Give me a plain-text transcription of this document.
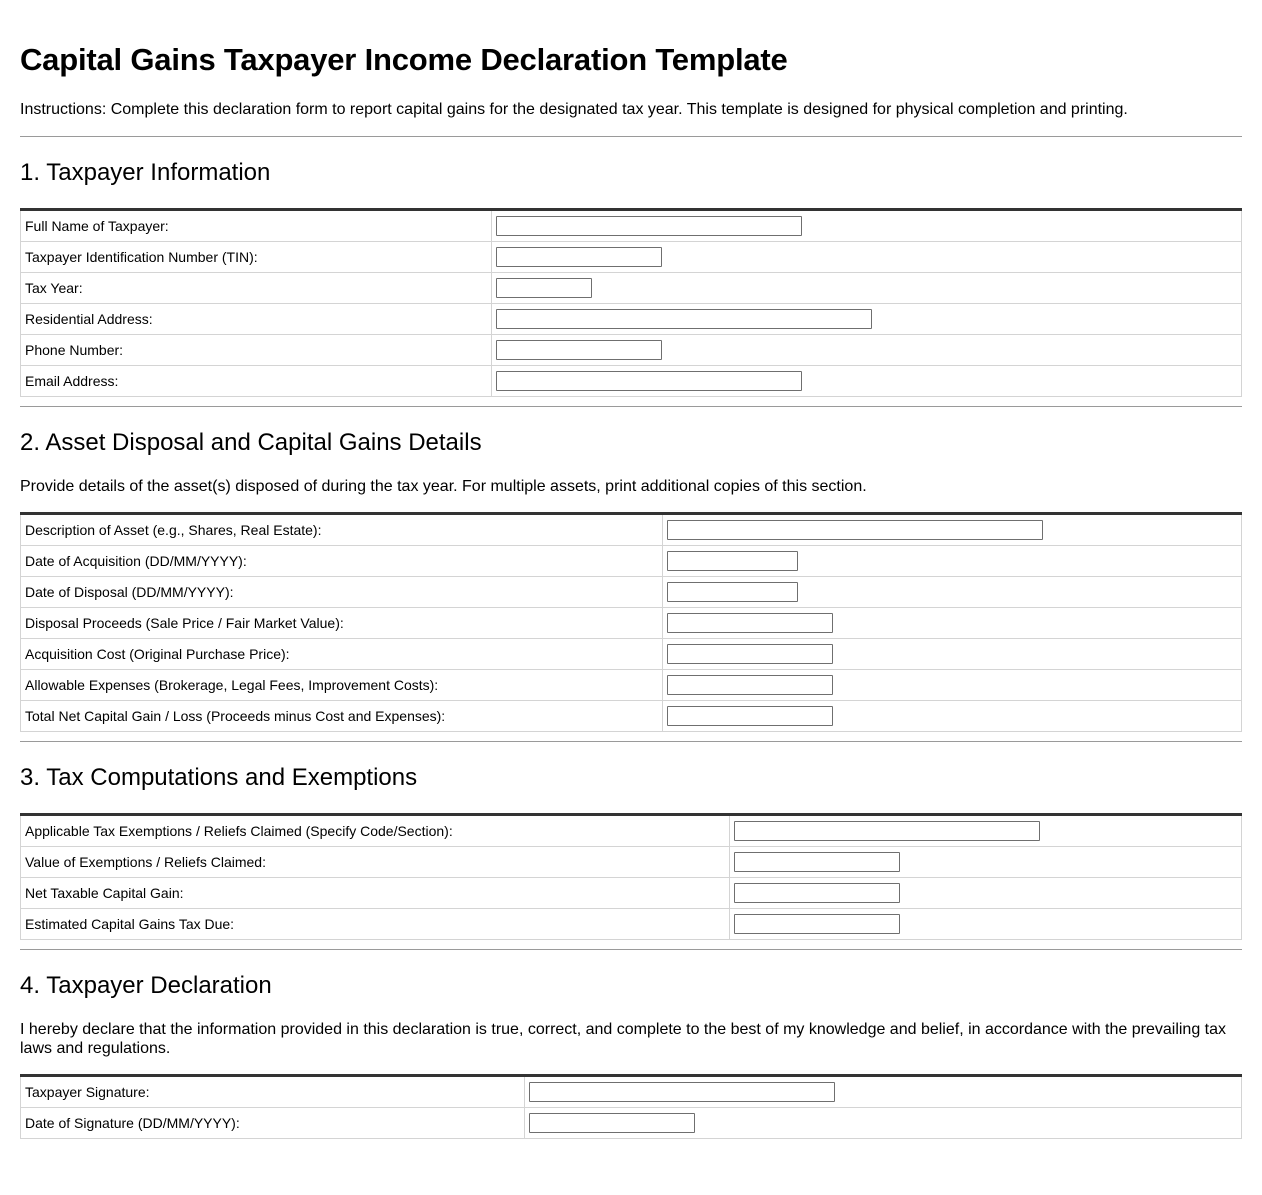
Capital Gains Taxpayer Income Declaration Template

Instructions: Complete this declaration form to report capital gains for the designated tax year. This template is designed for physical completion and printing.

1. Taxpayer Information
Full Name of Taxpayer:	

Taxpayer Identification Number (TIN):	

Tax Year:	

Residential Address:	

Phone Number:	

Email Address:	
2. Asset Disposal and Capital Gains Details

Provide details of the asset(s) disposed of during the tax year. For multiple assets, print additional copies of this section.

Description of Asset (e.g., Shares, Real Estate):	

Date of Acquisition (DD/MM/YYYY):	

Date of Disposal (DD/MM/YYYY):	

Disposal Proceeds (Sale Price / Fair Market Value):	

Acquisition Cost (Original Purchase Price):	

Allowable Expenses (Brokerage, Legal Fees, Improvement Costs):	

Total Net Capital Gain / Loss (Proceeds minus Cost and Expenses):	
3. Tax Computations and Exemptions
Applicable Tax Exemptions / Reliefs Claimed (Specify Code/Section):	

Value of Exemptions / Reliefs Claimed:	

Net Taxable Capital Gain:	

Estimated Capital Gains Tax Due:	
4. Taxpayer Declaration

I hereby declare that the information provided in this declaration is true, correct, and complete to the best of my knowledge and belief, in accordance with the prevailing tax laws and regulations.

Taxpayer Signature:	

Date of Signature (DD/MM/YYYY):	
